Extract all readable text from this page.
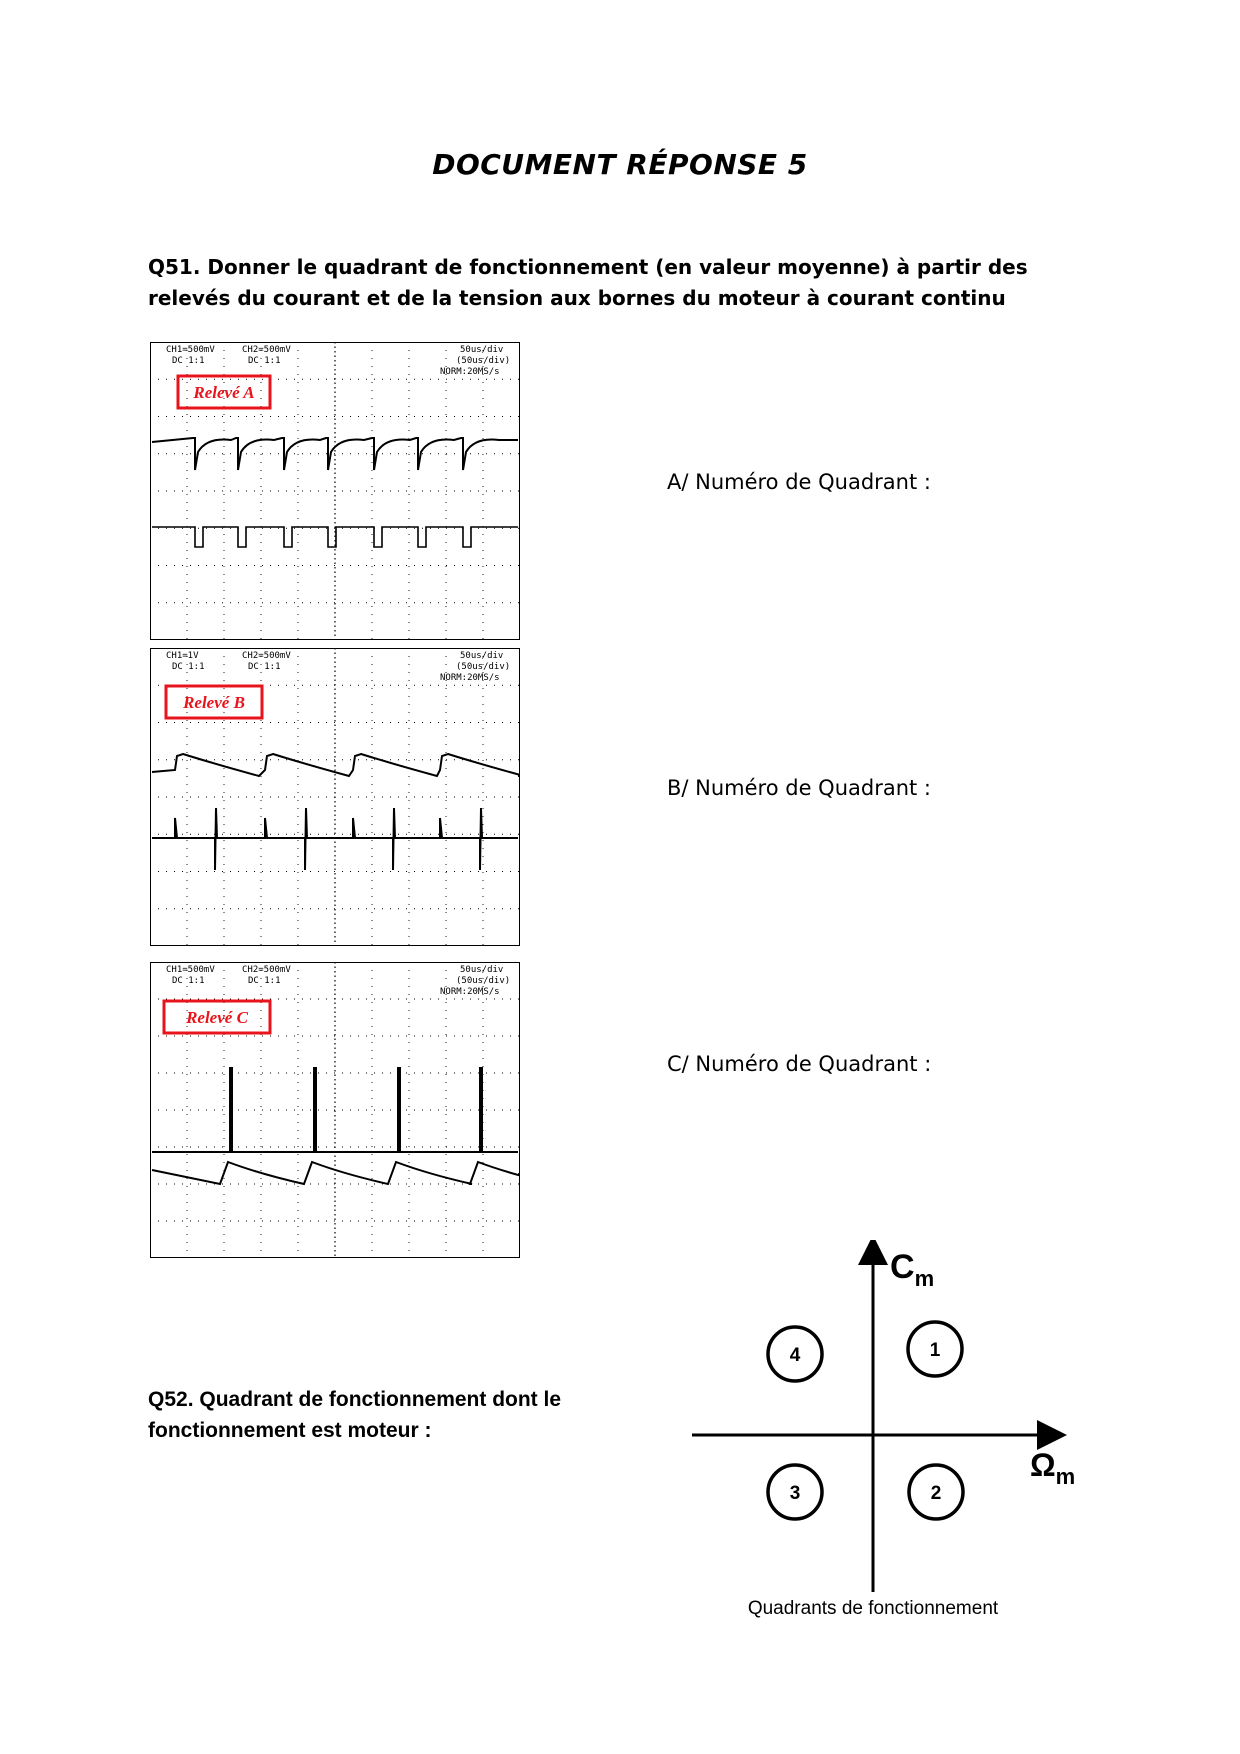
DOCUMENT RÉPONSE 5
Q51. Donner le quadrant de fonctionnement (en valeur moyenne) à partir des
relevés du courant et de la tension aux bornes du moteur à courant continu
CH1=500mV	CH2=500mV
DC 1:1	DC 1:1
50us/div
(50us/div)
NORM:20MS/s
Relevé A
CH1=1V	CH2=500mV
DC 1:1	DC 1:1
50us/div
(50us/div)
NORM:20MS/s
Relevé B
CH1=500mV	CH2=500mV
DC 1:1	DC 1:1
50us/div
(50us/div)
NORM:20MS/s
Relevé C
A/ Numéro de Quadrant :
B/ Numéro de Quadrant :
C/ Numéro de Quadrant :
Q52. Quadrant de fonctionnement dont le
fonctionnement est moteur :
$C_m$
$\Omega_m$
4	1
3	2
Quadrants de fonctionnement
